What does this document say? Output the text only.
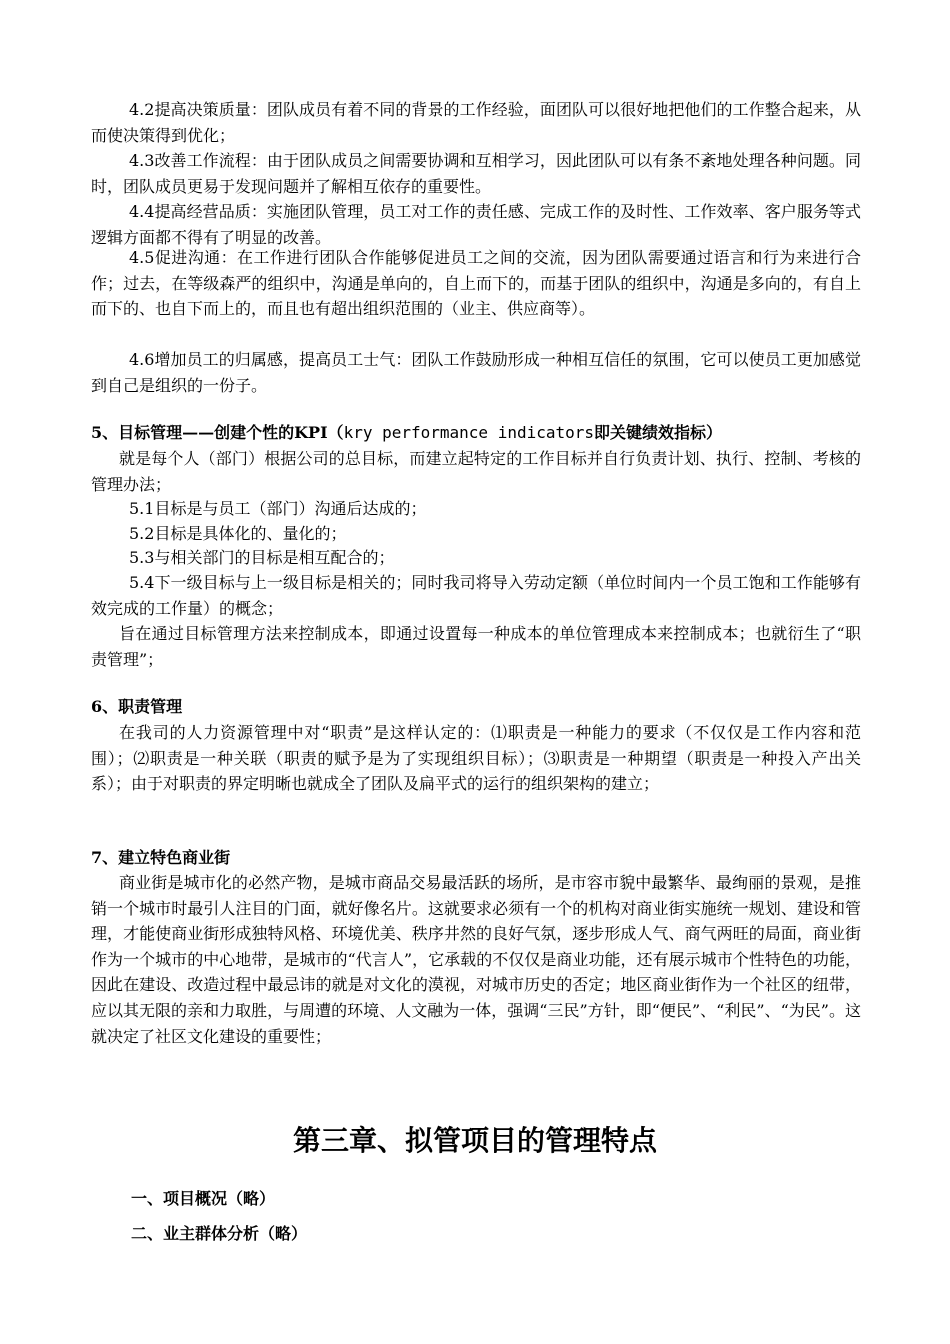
4.2提高决策质量：团队成员有着不同的背景的工作经验，面团队可以很好地把他们的工作整合起来，从而使决策得到优化；

4.3改善工作流程：由于团队成员之间需要协调和互相学习，因此团队可以有条不紊地处理各种问题。同时，团队成员更易于发现问题并了解相互依存的重要性。

4.4提高经营品质：实施团队管理，员工对工作的责任感、完成工作的及时性、工作效率、客户服务等式逻辑方面都不得有了明显的改善。

4.5促进沟通：在工作进行团队合作能够促进员工之间的交流，因为团队需要通过语言和行为来进行合作；过去，在等级森严的组织中，沟通是单向的，自上而下的，而基于团队的组织中，沟通是多向的，有自上而下的、也自下而上的，而且也有超出组织范围的（业主、供应商等）。

4.6增加员工的归属感，提高员工士气：团队工作鼓励形成一种相互信任的氛围，它可以使员工更加感觉到自己是组织的一份子。

5、目标管理——创建个性的KPI（kry performance indicators即关键绩效指标）

就是每个人（部门）根据公司的总目标，而建立起特定的工作目标并自行负责计划、执行、控制、考核的管理办法；

5.1目标是与员工（部门）沟通后达成的；

5.2目标是具体化的、量化的；

5.3与相关部门的目标是相互配合的；

5.4下一级目标与上一级目标是相关的；同时我司将导入劳动定额（单位时间内一个员工饱和工作能够有效完成的工作量）的概念；

旨在通过目标管理方法来控制成本，即通过设置每一种成本的单位管理成本来控制成本；也就衍生了“职责管理”；

6、职责管理

在我司的人力资源管理中对“职责”是这样认定的：⑴职责是一种能力的要求（不仅仅是工作内容和范围）；⑵职责是一种关联（职责的赋予是为了实现组织目标）；⑶职责是一种期望（职责是一种投入产出关系）；由于对职责的界定明晰也就成全了团队及扁平式的运行的组织架构的建立；

7、建立特色商业街

商业街是城市化的必然产物，是城市商品交易最活跃的场所，是市容市貌中最繁华、最绚丽的景观，是推销一个城市时最引人注目的门面，就好像名片。这就要求必须有一个的机构对商业街实施统一规划、建设和管理，才能使商业街形成独特风格、环境优美、秩序井然的良好气氛，逐步形成人气、商气两旺的局面，商业街作为一个城市的中心地带，是城市的“代言人”，它承载的不仅仅是商业功能，还有展示城市个性特色的功能，因此在建设、改造过程中最忌讳的就是对文化的漠视，对城市历史的否定；地区商业街作为一个社区的纽带，应以其无限的亲和力取胜，与周遭的环境、人文融为一体，强调“三民”方针，即“便民”、“利民”、“为民”。这就决定了社区文化建设的重要性；

第三章、拟管项目的管理特点

一、项目概况（略）

二、业主群体分析（略）
